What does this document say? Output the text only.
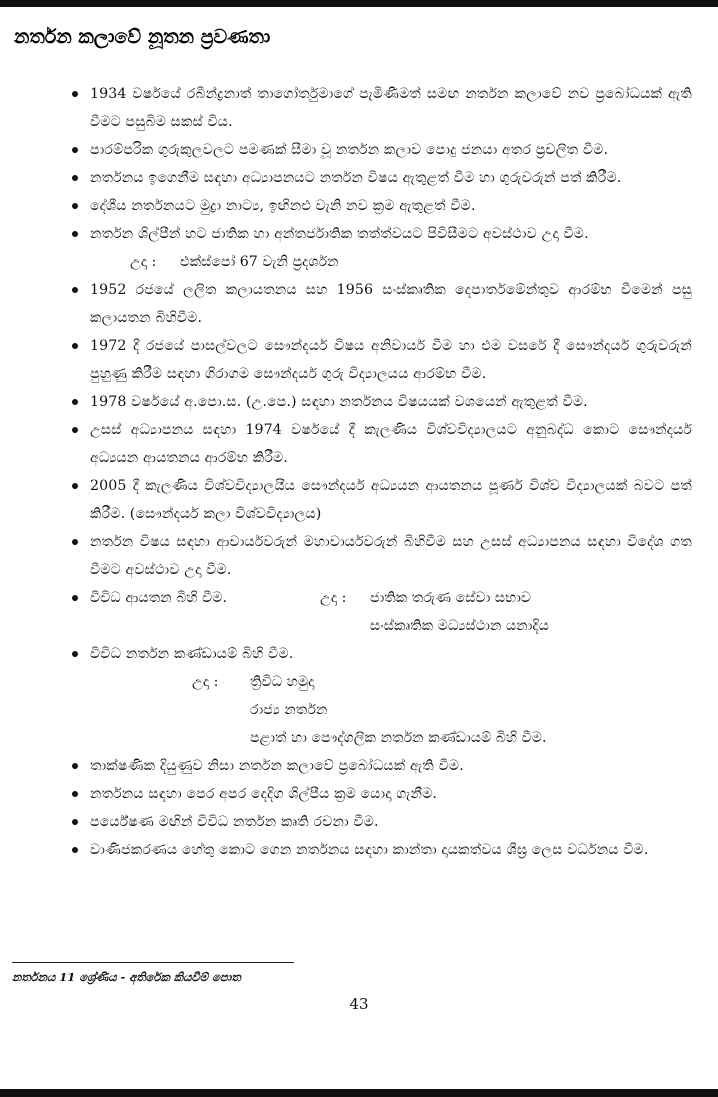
නර්තන කලාවේ නූතන ප්‍රවණතා
1934 වර්ෂයේ රබීන්ද්‍රනාත් තාගෝර්තුමාගේ පැමිණීමත් සමඟ නර්තන කලාවේ නව ප්‍රබෝධයක් ඇති වීමට පසුබිම සකස් විය.
පාරම්පරික ගුරුකුලවලට පමණක් සීමා වූ නර්තන කලාව පොදු ජනයා අතර ප්‍රචලිත වීම.
නර්තනය ඉගෙනීම සඳහා අධ්‍යාපනයට නර්තන විෂය ඇතුළත් වීම හා ගුරුවරුන් පත් කිරීම.
දේශීය නර්තනයට මුද්‍රා නාට්‍ය, ඉඟිනළු වැනි නව ක්‍රම ඇතුළත් වීම.
නර්තන ශිල්පීන් හට ජාතික හා අන්තර්ජාතික තත්ත්වයට පිවිසීමට අවස්ථාව උදා වීම.
උදා : එක්ස්පෝ 67 වැනි ප්‍රදර්ශන
1952 රජයේ ලලිත කලායතනය සහ 1956 සංස්කෘතික දෙපාර්තමේන්තුව ආරම්භ වීමෙන් පසු කලායතන බිහිවීම.
1972 දී රජයේ පාසල්වලට සෞන්දර්ය විෂය අනිවාර්ය වීම හා එම වසරේ දී සෞන්දර්ය ගුරුවරුන් පුහුණු කිරීම සඳහා ගිරාගම සෞන්දර්ය ගුරු විද්‍යාලයය ආරම්භ වීම.
1978 වර්ෂයේ අ.පො.ස. (උ.පෙ.) සඳහා නර්තනය විෂයයක් වශයෙන් ඇතුළත් වීම.
උසස් අධ්‍යාපනය සඳහා 1974 වර්ෂයේ දී කැලණිය විශ්වවිද්‍යාලයට අනුබද්ධ කොට සෞන්දර්ය අධ්‍යයන ආයතනය ආරම්භ කිරීම.
2005 දී කැලණිය විශ්වවිද්‍යාලයීය සෞන්දර්ය අධ්‍යයන ආයතනය පූර්ණ විශ්ව විද්‍යාලයක් බවට පත් කිරීම. (සෞන්දර්ය කලා විශ්වවිද්‍යාලය)
නර්තන විෂය සඳහා ආචාර්යවරුන් මහාචාර්යවරුන් බිහිවීම සහ උසස් අධ්‍යාපනය සඳහා විදේශ ගත වීමට අවස්ථාව උදා වීම.
විවිධ ආයතන බිහි වීම.	උදා : ජාතික තරුණ සේවා සභාව
සංස්කෘතික මධ්‍යස්ථාන යනාදිය
විවිධ නර්තන කණ්ඩායම් බිහි වීම.
උදා : ත්‍රිවිධ හමුදා
රාජ්‍ය නර්තන
පළාත් හා පෞද්ගලික නර්තන කණ්ඩායම් බිහි වීම.
තාක්ෂණික දියුණුව නිසා නර්තන කලාවේ ප්‍රබෝධයක් ඇති වීම.
නර්තනය සඳහා පෙර අපර දෙදිග ශිල්පීය ක්‍රම යොදා ගැනීම.
පර්යේෂණ මඟින් විවිධ නර්තන කෘති රචනා වීම.
වාණිජකරණය හේතු කොට ගෙන නර්තනය සඳහා කාන්තා දායකත්වය ශීඝ්‍ර ලෙස වර්ධනය වීම.
නර්තනය 11 ශ්‍රේණිය - අතිරේක කියවීම් පොත
43
